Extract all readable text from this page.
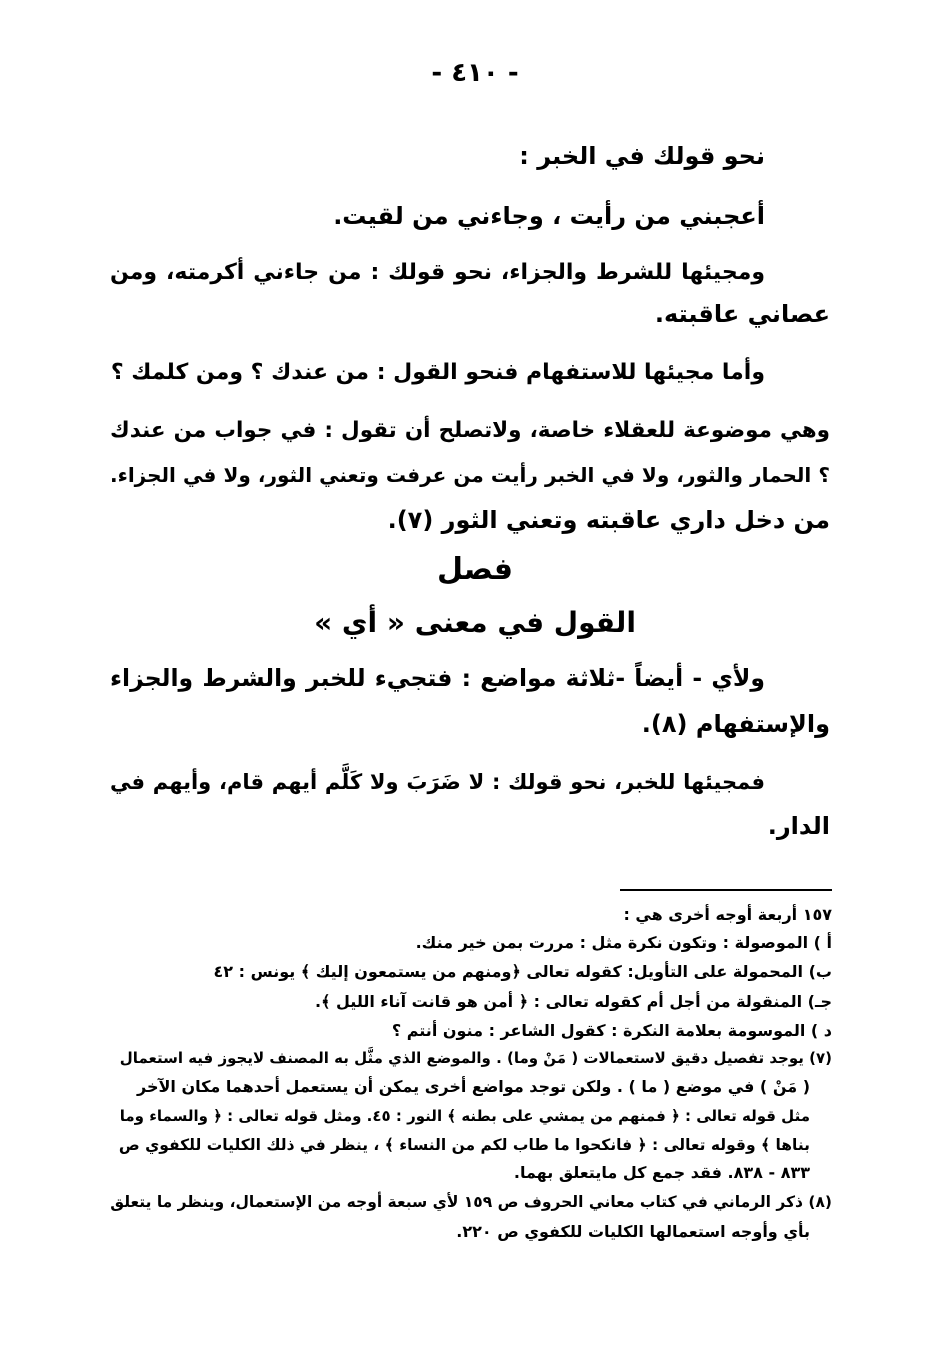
- ٤١٠ -
نحو قولك في الخبر :
أعجبني من رأيت ، وجاءني من لقيت.
ومجيئها للشرط والجزاء، نحو قولك : من جاءني أكرمته، ومن
عصاني عاقبته.
وأما مجيئها للاستفهام فنحو القول : من عندك ؟ ومن كلمك ؟
وهي موضوعة للعقلاء خاصة، ولاتصلح أن تقول : في جواب من عندك
؟ الحمار والثور، ولا في الخبر رأيت من عرفت وتعني الثور، ولا في الجزاء.
من دخل داري عاقبته وتعني الثور (٧).
فصل
القول في معنى « أي »
ولأي - أيضاً -ثلاثة مواضع : فتجيء للخبر والشرط والجزاء
والإستفهام (٨).
فمجيئها للخبر، نحو قولك : لا ضَرَبَ ولا كَلَّم أيهم قام، وأيهم في
الدار.
١٥٧ أربعة أوجه أخرى هي :
أ ) الموصولة : وتكون نكرة مثل : مررت بمن خير منك.
ب) المحمولة على التأويل: كقوله تعالى ﴿ومنهم من يستمعون إليك ﴾ يونس : ٤٢
جـ) المنقولة من أجل أم كقوله تعالى : ﴿ أمن هو قانت آناء الليل ﴾.
د ) الموسومة بعلامة النكرة : كقول الشاعر : منون أنتم ؟
(٧) يوجد تفصيل دقيق لاستعمالات ( مَنْ وما) . والموضع الذي مثَّل به المصنف لايجوز فيه استعمال
( مَنْ ) في موضع ( ما ) . ولكن توجد مواضع أخرى يمكن أن يستعمل أحدهما مكان الآخر
مثل قوله تعالى : ﴿ فمنهم من يمشي على بطنه ﴾ النور : ٤٥. ومثل قوله تعالى : ﴿ والسماء وما
بناها ﴾ وقوله تعالى : ﴿ فانكحوا ما طاب لكم من النساء ﴾ ، ينظر في ذلك الكليات للكفوي ص
٨٣٣ - ٨٣٨. فقد جمع كل مايتعلق بهما.
(٨) ذكر الرماني في كتاب معاني الحروف ص ١٥٩ لأي سبعة أوجه من الإستعمال، وينظر ما يتعلق
بأي وأوجه استعمالها الكليات للكفوي ص ٢٢٠.
